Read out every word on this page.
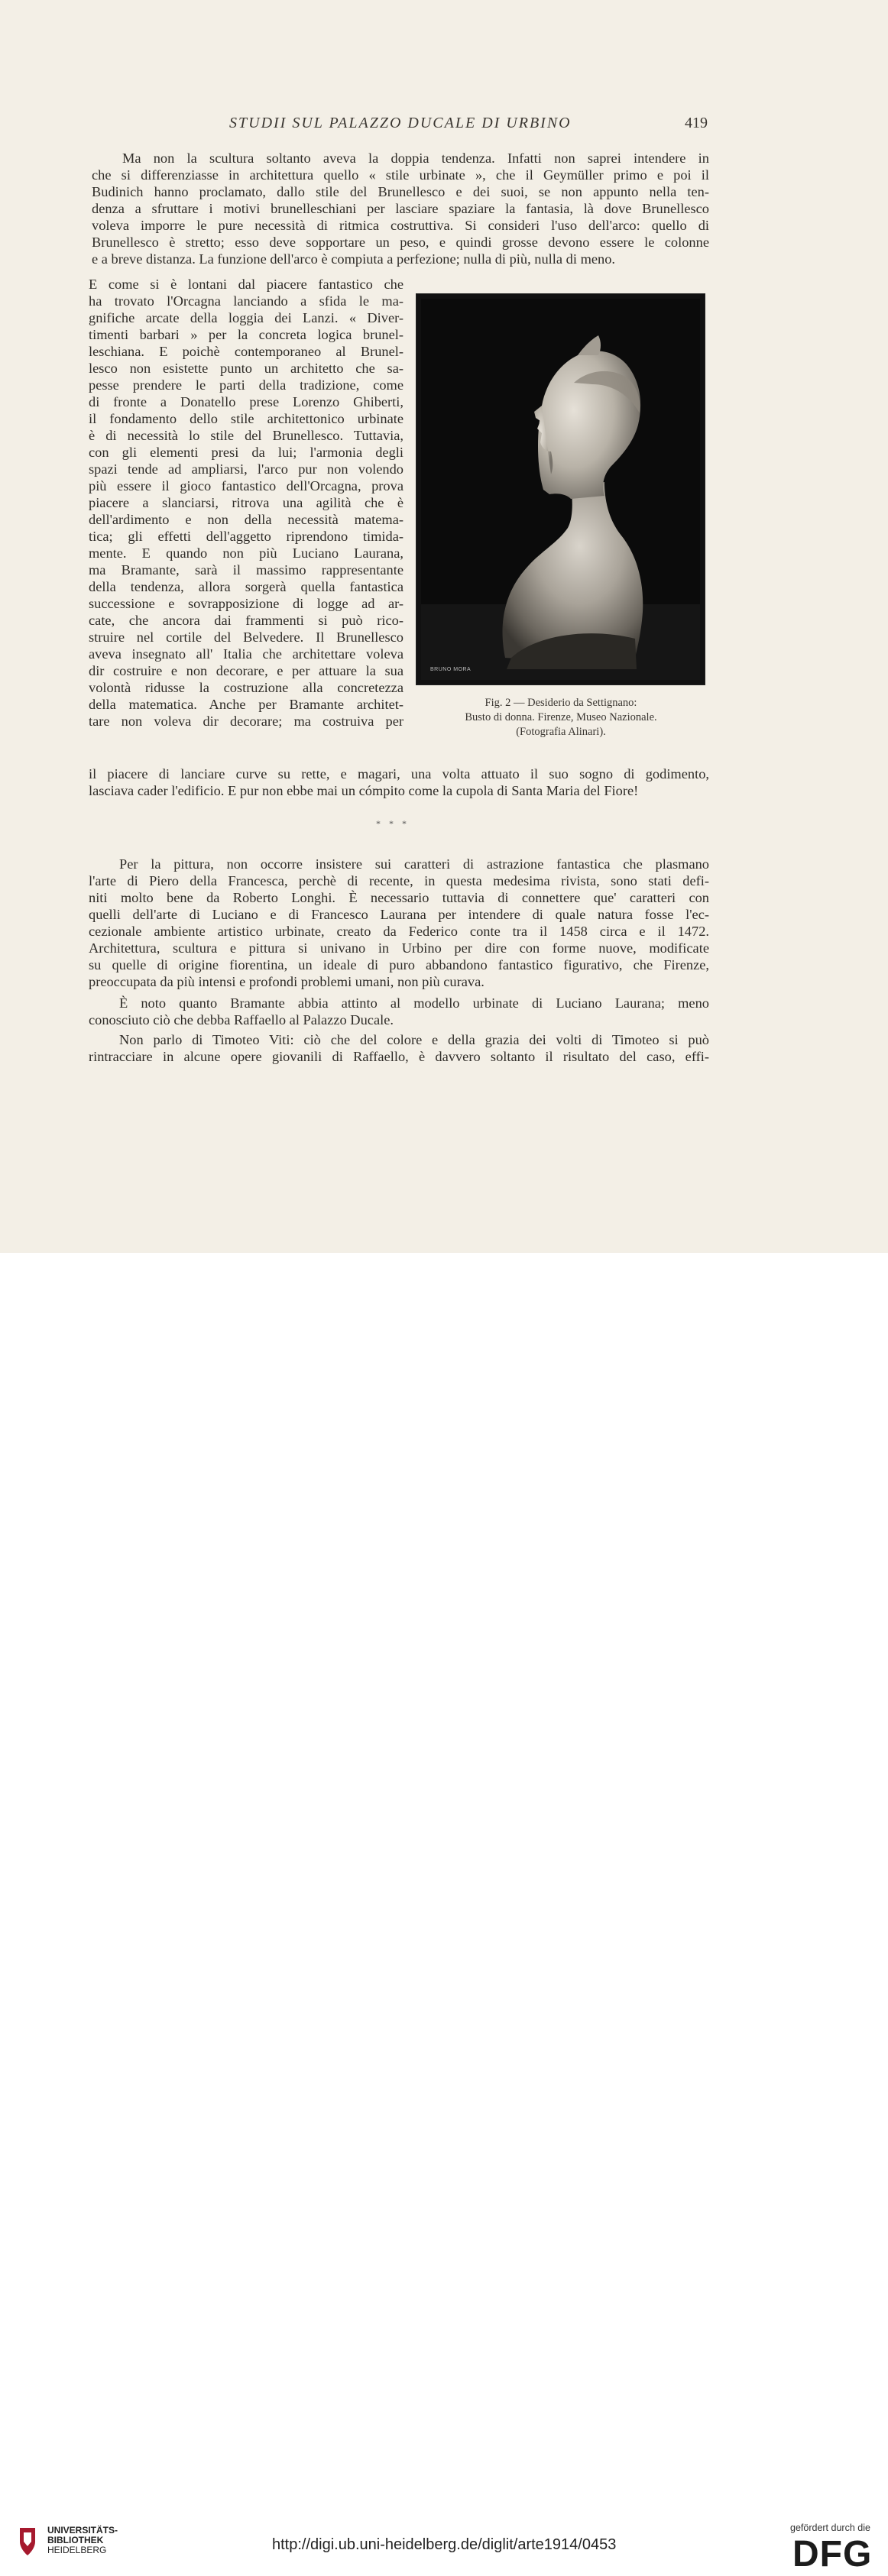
STUDII SUL PALAZZO DUCALE DI URBINO	419
Ma non la scultura soltanto aveva la doppia tendenza. Infatti non saprei intendere in
che si differenziasse in architettura quello « stile urbinate », che il Geymüller primo e poi il
Budinich hanno proclamato, dallo stile del Brunellesco e dei suoi, se non appunto nella ten-
denza a sfruttare i motivi brunelleschiani per lasciare spaziare la fantasia, là dove Brunellesco
voleva imporre le pure necessità di ritmica costruttiva. Si consideri l'uso dell'arco: quello di
Brunellesco è stretto; esso deve sopportare un peso, e quindi grosse devono essere le colonne
e a breve distanza. La funzione dell'arco è compiuta a perfezione; nulla di più, nulla di meno.
E come si è lontani dal piacere fantastico che
ha trovato l'Orcagna lanciando a sfida le ma-
gnifiche arcate della loggia dei Lanzi. « Diver-
timenti barbari » per la concreta logica brunel-
leschiana. E poichè contemporaneo al Brunel-
lesco non esistette punto un architetto che sa-
pesse prendere le parti della tradizione, come
di fronte a Donatello prese Lorenzo Ghiberti,
il fondamento dello stile architettonico urbinate
è di necessità lo stile del Brunellesco. Tuttavia,
con gli elementi presi da lui; l'armonia degli
spazi tende ad ampliarsi, l'arco pur non volendo
più essere il gioco fantastico dell'Orcagna, prova
piacere a slanciarsi, ritrova una agilità che è
dell'ardimento e non della necessità matema-
tica; gli effetti dell'aggetto riprendono timida-
mente. E quando non più Luciano Laurana,
ma Bramante, sarà il massimo rappresentante
della tendenza, allora sorgerà quella fantastica
successione e sovrapposizione di logge ad ar-
cate, che ancora dai frammenti si può rico-
struire nel cortile del Belvedere. Il Brunellesco
aveva insegnato all' Italia che architettare voleva
dir costruire e non decorare, e per attuare la sua
volontà ridusse la costruzione alla concretezza
della matematica. Anche per Bramante architet-
tare non voleva dir decorare; ma costruiva per
il piacere di lanciare curve su rette, e magari, una volta attuato il suo sogno di godimento,
lasciava cader l'edificio. E pur non ebbe mai un cómpito come la cupola di Santa Maria del Fiore!
BRUNO MORA
Fig. 2 — Desiderio da Settignano:
Busto di donna. Firenze, Museo Nazionale.
(Fotografia Alinari).
* * *
Per la pittura, non occorre insistere sui caratteri di astrazione fantastica che plasmano
l'arte di Piero della Francesca, perchè di recente, in questa medesima rivista, sono stati defi-
niti molto bene da Roberto Longhi. È necessario tuttavia di connettere que' caratteri con
quelli dell'arte di Luciano e di Francesco Laurana per intendere di quale natura fosse l'ec-
cezionale ambiente artistico urbinate, creato da Federico conte tra il 1458 circa e il 1472.
Architettura, scultura e pittura si univano in Urbino per dire con forme nuove, modificate
su quelle di origine fiorentina, un ideale di puro abbandono fantastico figurativo, che Firenze,
preoccupata da più intensi e profondi problemi umani, non più curava.
È noto quanto Bramante abbia attinto al modello urbinate di Luciano Laurana; meno
conosciuto ciò che debba Raffaello al Palazzo Ducale.
Non parlo di Timoteo Viti: ciò che del colore e della grazia dei volti di Timoteo si può
rintracciare in alcune opere giovanili di Raffaello, è davvero soltanto il risultato del caso, effi-
UNIVERSITÄTS-
BIBLIOTHEK
HEIDELBERG	http://digi.ub.uni-heidelberg.de/diglit/arte1914/0453
gefördert durch die
DFG
